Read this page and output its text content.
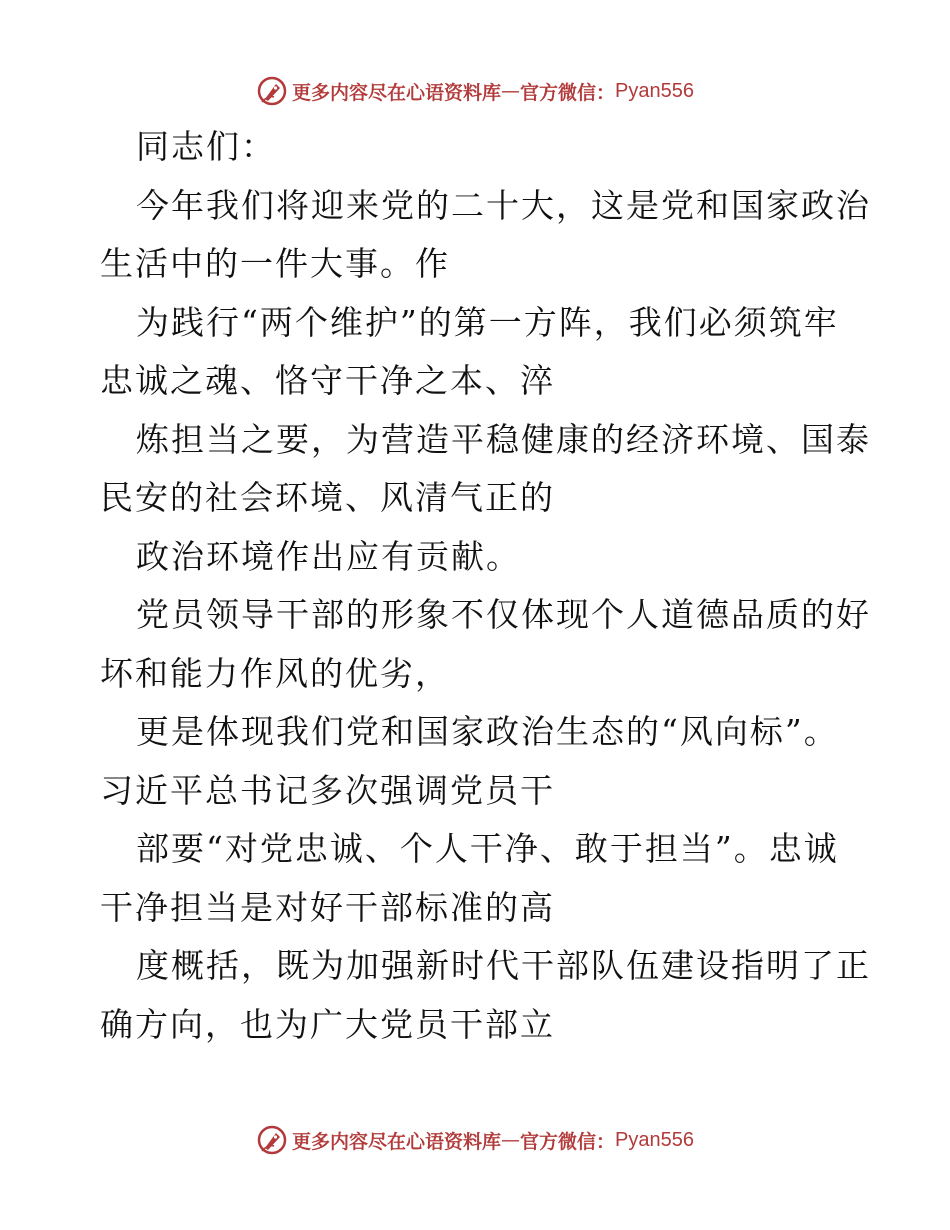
更多内容尽在心语资料库 — 官方微信： Pyan556
同志们：
今年我们将迎来党的二十大，这是党和国家政治
生活中的一件大事。作
为践行“两个维护”的第一方阵，我们必须筑牢
忠诚之魂、恪守干净之本、淬
炼担当之要，为营造平稳健康的经济环境、国泰
民安的社会环境、风清气正的
政治环境作出应有贡献。
党员领导干部的形象不仅体现个人道德品质的好
坏和能力作风的优劣，
更是体现我们党和国家政治生态的“风向标”。
习近平总书记多次强调党员干
部要“对党忠诚、个人干净、敢于担当”。忠诚
干净担当是对好干部标准的高
度概括，既为加强新时代干部队伍建设指明了正
确方向，也为广大党员干部立
更多内容尽在心语资料库 — 官方微信： Pyan556
